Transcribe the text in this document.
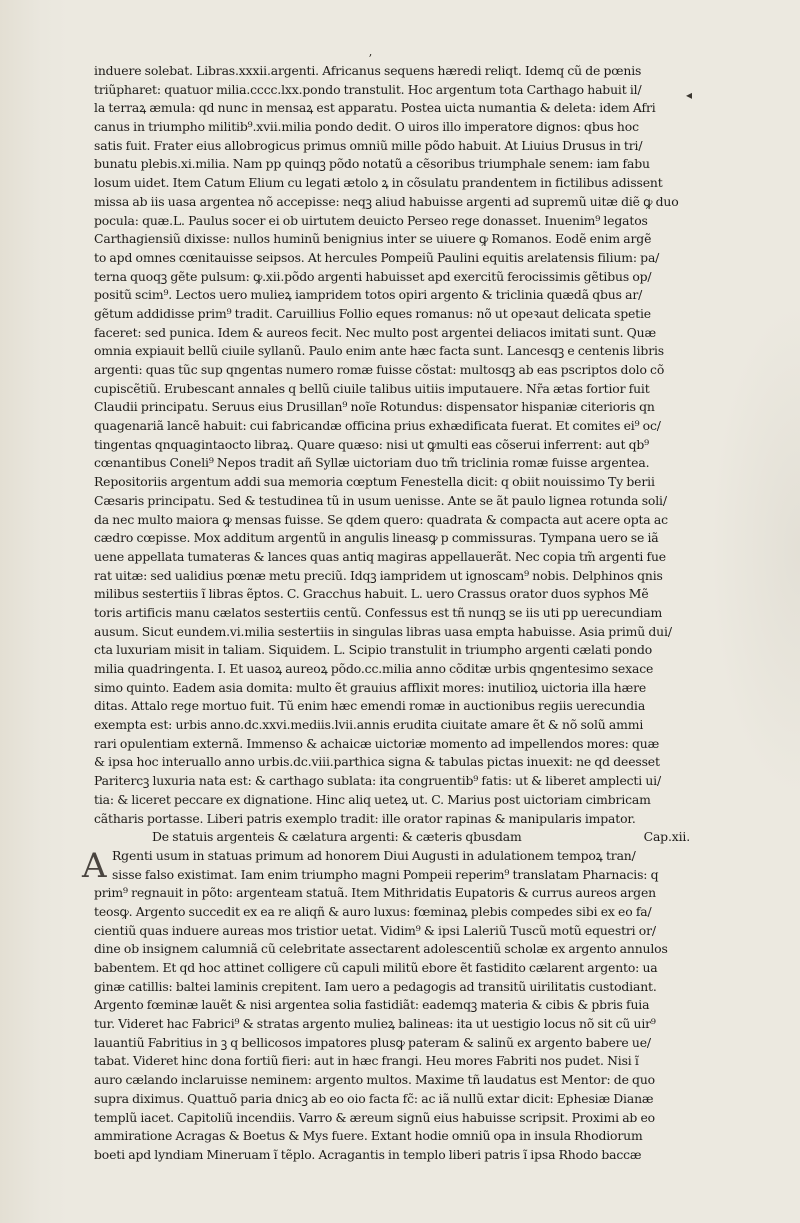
ʼ
◂
induere solebat. Libras.xxxii.argenti. Africanus sequens hæredi reliqt. Idemq cũ de pœnis
triũpharet: quatuor milia.cccc.lxx.pondo transtulit. Hoc argentum tota Carthago habuit il/
la terraꝝ æmula: qd nunc in mensaꝝ est apparatu. Postea uicta numantia & deleta: idem Afri
canus in triumpho militib⁹.xvii.milia pondo dedit. O uiros illo imperatore dignos: qbus hoc
satis fuit. Frater eius allobrogicus primus omniũ mille põdo habuit. At Liuius Drusus in tri/
bunatu plebis.xi.milia. Nam pp quinqꝫ põdo notatũ a cẽsoribus triumphale senem: iam fabu
losum uidet. Item Catum Elium cu legati ætolo ꝝ in cõsulatu prandentem in fictilibus adissent
missa ab iis uasa argentea nõ accepisse: neqꝫ aliud habuisse argenti ad supremũ uitæ diẽ ꝙ duo
pocula: quæ.L. Paulus socer ei ob uirtutem deuicto Perseo rege donasset. Inuenim⁹ legatos
Carthagiensiũ dixisse: nullos huminũ benignius inter se uiuere ꝙ Romanos. Eodẽ enim argẽ
to apd omnes cœnitauisse seipsos. At hercules Pompeiũ Paulini equitis arelatensis filium: pa/
terna quoqꝫ gẽte pulsum: ꝙ.xii.põdo argenti habuisset apd exercitũ ferocissimis gẽtibus op/
positũ scim⁹. Lectos uero mulieꝝ iampridem totos opiri argento & triclinia quædã qbus ar/
gẽtum addidisse prim⁹ tradit. Caruillius Follio eques romanus: nõ ut opeꝛaut delicata spetie
faceret: sed punica. Idem & aureos fecit. Nec multo post argentei deliacos imitati sunt. Quæ
omnia expiauit bellũ ciuile syllanũ. Paulo enim ante hæc facta sunt. Lancesqꝫ e centenis libris
argenti: quas tũc sup qngentas numero romæ fuisse cõstat: multosqꝫ ab eas pscriptos dolo cõ
cupiscẽtiũ. Erubescant annales q bellũ ciuile talibus uitiis imputauere. Nr̃a ætas fortior fuit
Claudii principatu. Seruus eius Drusillan⁹ noĩe Rotundus: dispensator hispaniæ citerioris qn
quagenariã lancẽ habuit: cui fabricandæ officina prius exhædificata fuerat. Et comites ei⁹ oc/
tingentas qnquagintaocto libraꝝ. Quare quæso: nisi ut ꝙmulti eas cõserui inferrent: aut qb⁹
cœnantibus Coneli⁹ Nepos tradit añ Syllæ uictoriam duo tm̃ triclinia romæ fuisse argentea.
Repositoriis argentum addi sua memoria cœptum Fenestella dicit: q obiit nouissimo Ty berii
Cæsaris principatu. Sed & testudinea tũ in usum uenisse. Ante se ãt paulo lignea rotunda soli/
da nec multo maiora ꝙ mensas fuisse. Se qdem quero: quadrata & compacta aut acere opta ac
cædro cœpisse. Mox additum argentũ in angulis lineasꝙ p commissuras. Tympana uero se iã
uene appellata tumateras & lances quas antiq magiras appellauerãt. Nec copia tm̃ argenti fue
rat uitæ: sed ualidius pœnæ metu preciũ. Idqꝫ iampridem ut ignoscam⁹ nobis. Delphinos qnis
milibus sestertiis ĩ libras ẽptos. C. Gracchus habuit. L. uero Crassus orator duos syphos Mẽ
toris artificis manu cælatos sestertiis centũ. Confessus est tñ nunqꝫ se iis uti pp uerecundiam
ausum. Sicut eundem.vi.milia sestertiis in singulas libras uasa empta habuisse. Asia primũ dui/
cta luxuriam misit in taliam. Siquidem. L. Scipio transtulit in triumpho argenti cælati pondo
milia quadringenta. I. Et uasoꝝ aureoꝝ põdo.cc.milia anno cõditæ urbis qngentesimo sexace
simo quinto. Eadem asia domita: multo ẽt grauius afflixit mores: inutilioꝝ uictoria illa hære
ditas. Attalo rege mortuo fuit. Tũ enim hæc emendi romæ in auctionibus regiis uerecundia
exempta est: urbis anno.dc.xxvi.mediis.lvii.annis erudita ciuitate amare ẽt & nõ solũ ammi
rari opulentiam externã. Immenso & achaicæ uictoriæ momento ad impellendos mores: quæ
& ipsa hoc interuallo anno urbis.dc.viii.parthica signa & tabulas pictas inuexit: ne qd deesset
Paritercꝫ luxuria nata est: & carthago sublata: ita congruentib⁹ fatis: ut & liberet amplecti ui/
tia: & liceret peccare ex dignatione. Hinc aliq ueteꝝ ut. C. Marius post uictoriam cimbricam
cãtharis portasse. Liberi patris exemplo tradit: ille orator rapinas & manipularis impator.
De statuis argenteis & cælatura argenti: & cæteris qbusdam	Cap.xii.
A Rgenti usum in statuas primum ad honorem Diui Augusti in adulationem tempoꝝ tran/
sisse falso existimat. Iam enim triumpho magni Pompeii reperim⁹ translatam Pharnacis: q
prim⁹ regnauit in põto: argenteam statuã. Item Mithridatis Eupatoris & currus aureos argen
teosꝙ. Argento succedit ex ea re aliqñ & auro luxus: fœminaꝝ plebis compedes sibi ex eo fa/
cientiũ quas induere aureas mos tristior uetat. Vidim⁹ & ipsi Laleriũ Tuscũ motũ equestri or/
dine ob insignem calumniã cũ celebritate assectarent adolescentiũ scholæ ex argento annulos
babentem. Et qd hoc attinet colligere cũ capuli militũ ebore ẽt fastidito cælarent argento: ua
ginæ catillis: baltei laminis crepitent. Iam uero a pedagogis ad transitũ uirilitatis custodiant.
Argento fœminæ lauẽt & nisi argentea solia fastidiãt: eademqꝫ materia & cibis & pbris fuia
tur. Videret hac Fabrici⁹ & stratas argento mulieꝝ balineas: ita ut uestigio locus nõ sit cũ uir⁹
lauantiũ Fabritius in ꝫ q bellicosos impatores plusꝙ pateram & salinũ ex argento babere ue/
tabat. Videret hinc dona fortiũ fieri: aut in hæc frangi. Heu mores Fabriti nos pudet. Nisi ĩ
auro cælando inclaruisse neminem: argento multos. Maxime tñ laudatus est Mentor: de quo
supra diximus. Quattuõ paria dnicꝫ ab eo oio facta fc̃: ac iã nullũ extar dicit: Ephesiæ Dianæ
templũ iacet. Capitoliũ incendiis. Varro & æreum signũ eius habuisse scripsit. Proximi ab eo
ammiratione Acragas & Boetus & Mys fuere. Extant hodie omniũ opa in insula Rhodiorum
boeti apd lyndiam Mineruam ĩ tẽplo. Acragantis in templo liberi patris ĩ ipsa Rhodo baccæ
